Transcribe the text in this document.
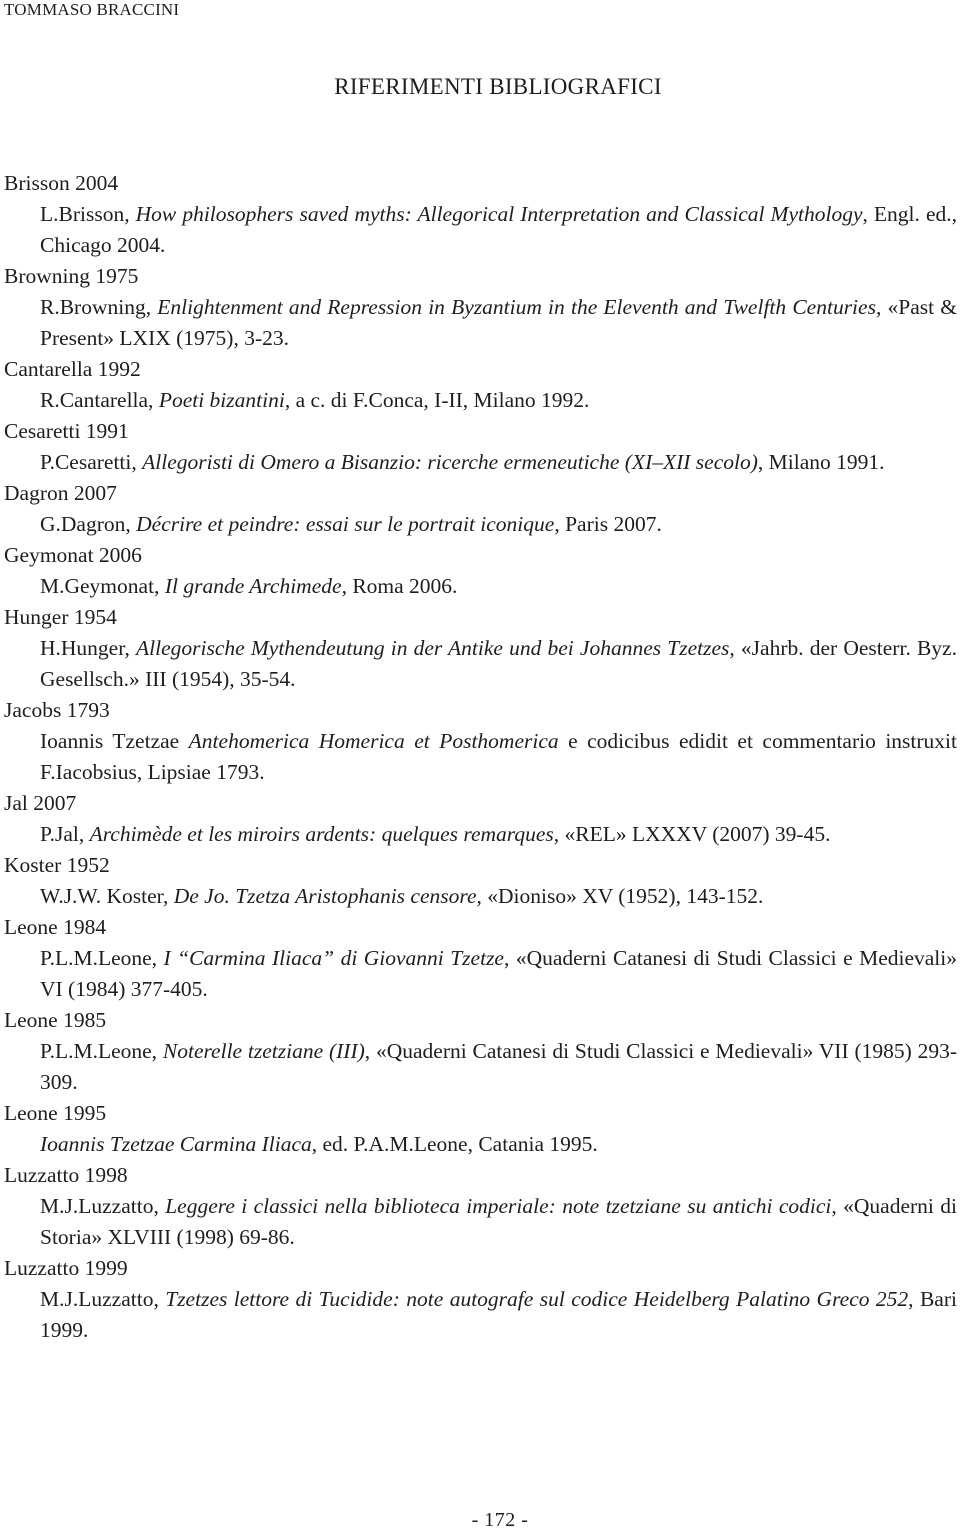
TOMMASO BRACCINI
RIFERIMENTI BIBLIOGRAFICI

Brisson 2004

L.Brisson, How philosophers saved myths: Allegorical Interpretation and Classical Mythology, Engl. ed., Chicago 2004.

Browning 1975

R.Browning, Enlightenment and Repression in Byzantium in the Eleventh and Twelfth Centuries, «Past & Present» LXIX (1975), 3-23.

Cantarella 1992

R.Cantarella, Poeti bizantini, a c. di F.Conca, I-II, Milano 1992.

Cesaretti 1991

P.Cesaretti, Allegoristi di Omero a Bisanzio: ricerche ermeneutiche (XI–XII secolo), Milano 1991.

Dagron 2007

G.Dagron, Décrire et peindre: essai sur le portrait iconique, Paris 2007.

Geymonat 2006

M.Geymonat, Il grande Archimede, Roma 2006.

Hunger 1954

H.Hunger, Allegorische Mythendeutung in der Antike und bei Johannes Tzetzes, «Jahrb. der Oesterr. Byz. Gesellsch.» III (1954), 35-54.

Jacobs 1793

Ioannis Tzetzae Antehomerica Homerica et Posthomerica e codicibus edidit et commentario instruxit F.Iacobsius, Lipsiae 1793.

Jal 2007

P.Jal, Archimède et les miroirs ardents: quelques remarques, «REL» LXXXV (2007) 39-45.

Koster 1952

W.J.W. Koster, De Jo. Tzetza Aristophanis censore, «Dioniso» XV (1952), 143-152.

Leone 1984

P.L.M.Leone, I “Carmina Iliaca” di Giovanni Tzetze, «Quaderni Catanesi di Studi Classici e Medievali» VI (1984) 377-405.

Leone 1985

P.L.M.Leone, Noterelle tzetziane (III), «Quaderni Catanesi di Studi Classici e Medievali» VII (1985) 293-309.

Leone 1995

Ioannis Tzetzae Carmina Iliaca, ed. P.A.M.Leone, Catania 1995.

Luzzatto 1998

M.J.Luzzatto, Leggere i classici nella biblioteca imperiale: note tzetziane su antichi codici, «Quaderni di Storia» XLVIII (1998) 69-86.

Luzzatto 1999

M.J.Luzzatto, Tzetzes lettore di Tucidide: note autografe sul codice Heidelberg Palatino Greco 252, Bari 1999.

- 172 -
